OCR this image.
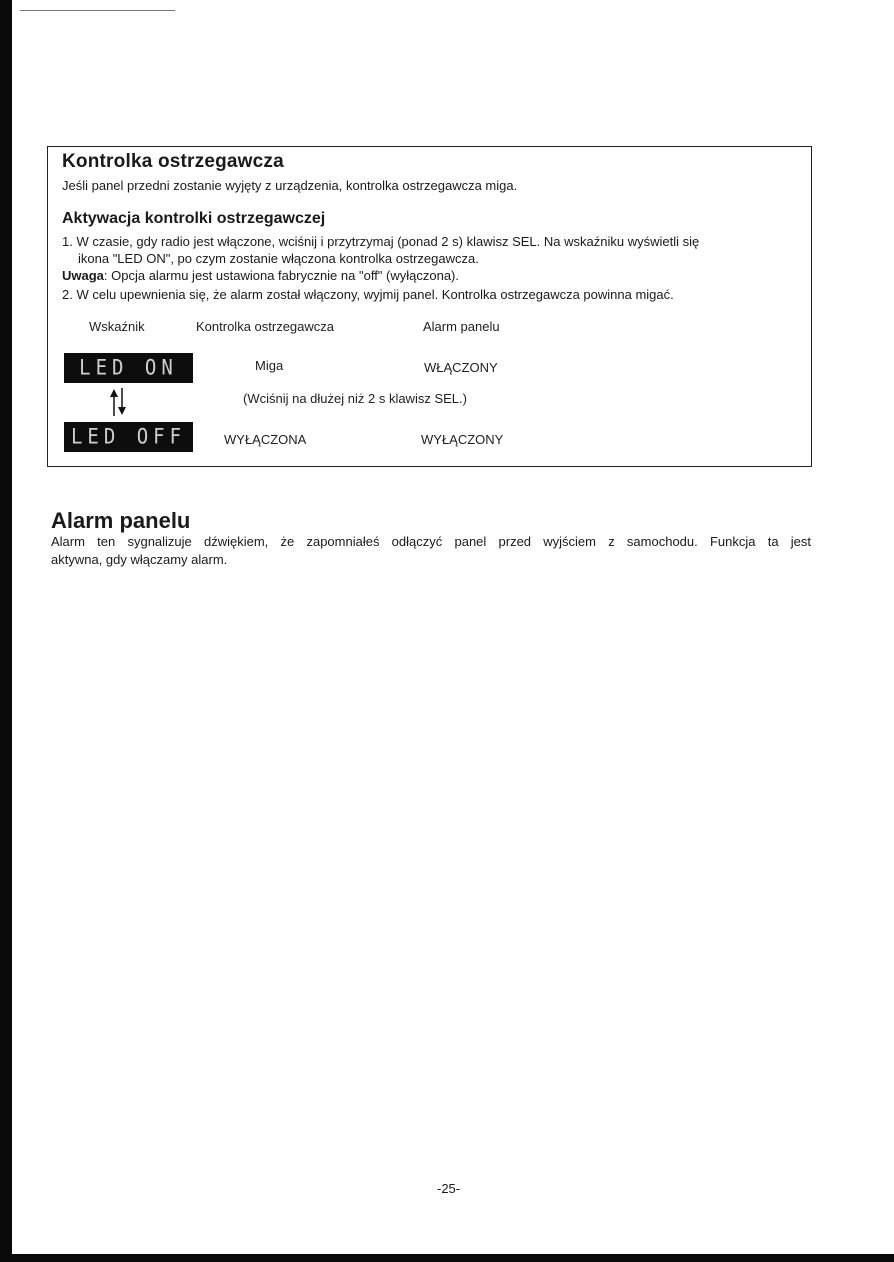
Kontrolka ostrzegawcza
Jeśli panel przedni zostanie wyjęty z urządzenia, kontrolka ostrzegawcza miga.
Aktywacja kontrolki ostrzegawczej
1. W czasie, gdy radio jest włączone, wciśnij i przytrzymaj (ponad 2 s) klawisz SEL. Na wskaźniku wyświetli się
ikona "LED ON", po czym zostanie włączona kontrolka ostrzegawcza.
Uwaga: Opcja alarmu jest ustawiona fabrycznie na "off" (wyłączona).
2. W celu upewnienia się, że alarm został włączony, wyjmij panel. Kontrolka ostrzegawcza powinna migać.
Wskaźnik	Kontrolka ostrzegawcza	Alarm panelu
LED ON	Miga	WŁĄCZONY
(Wciśnij na dłużej niż 2 s klawisz SEL.)
LED OFF	WYŁĄCZONA	WYŁĄCZONY
Alarm panelu
Alarm ten sygnalizuje dźwiękiem, że zapomniałeś odłączyć panel przed wyjściem z samochodu. Funkcja ta jest
aktywna, gdy włączamy alarm.
-25-
